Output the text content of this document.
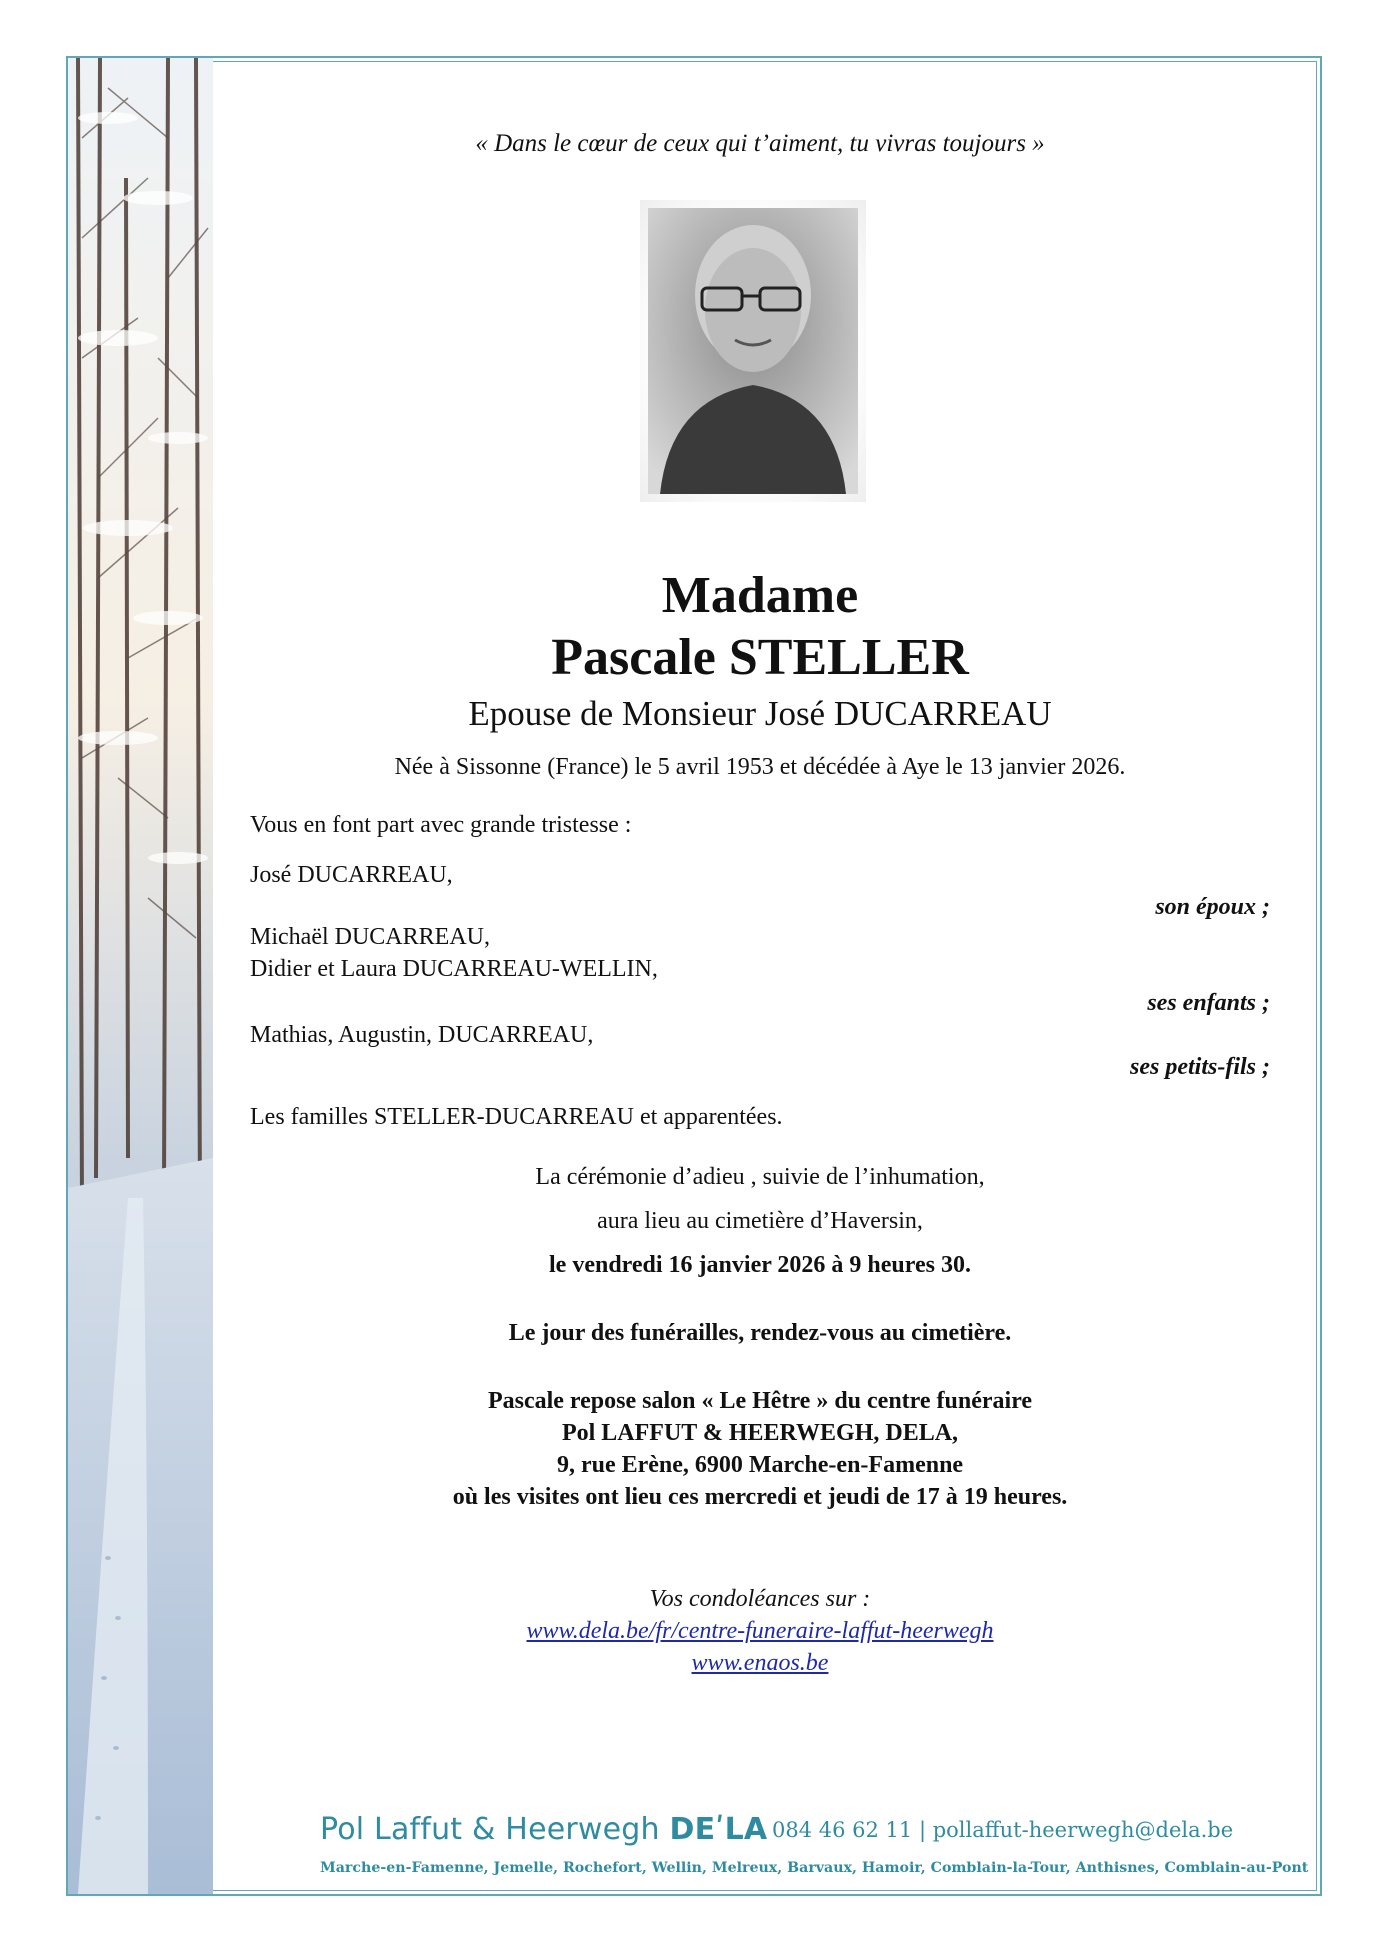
« Dans le cœur de ceux qui t’aiment, tu vivras toujours »
Madame
Pascale STELLER
Epouse de Monsieur José DUCARREAU
Née à Sissonne (France) le 5 avril 1953 et décédée à Aye le 13 janvier 2026.
Vous en font part avec grande tristesse :
José DUCARREAU,
son époux ;
Michaël DUCARREAU,
Didier et Laura DUCARREAU-WELLIN,
ses enfants ;
Mathias, Augustin, DUCARREAU,
ses petits-fils ;
Les familles STELLER-DUCARREAU et apparentées.
La cérémonie d’adieu , suivie de l’inhumation,
aura lieu au cimetière d’Haversin,
le vendredi 16 janvier 2026 à 9 heures 30.
Le jour des funérailles, rendez-vous au cimetière.
Pascale repose salon « Le Hêtre » du centre funéraire
Pol LAFFUT & HEERWEGH, DELA,
9, rue Erène, 6900 Marche-en-Famenne
où les visites ont lieu ces mercredi et jeudi de 17 à 19 heures.
Vos condoléances sur :
www.dela.be/fr/centre-funeraire-laffut-heerwegh
www.enaos.be
Pol Laffut & Heerwegh DEʹLA 084 46 62 11 | pollaffut-heerwegh@dela.be
Marche-en-Famenne, Jemelle, Rochefort, Wellin, Melreux, Barvaux, Hamoir, Comblain-la-Tour, Anthisnes, Comblain-au-Pont
